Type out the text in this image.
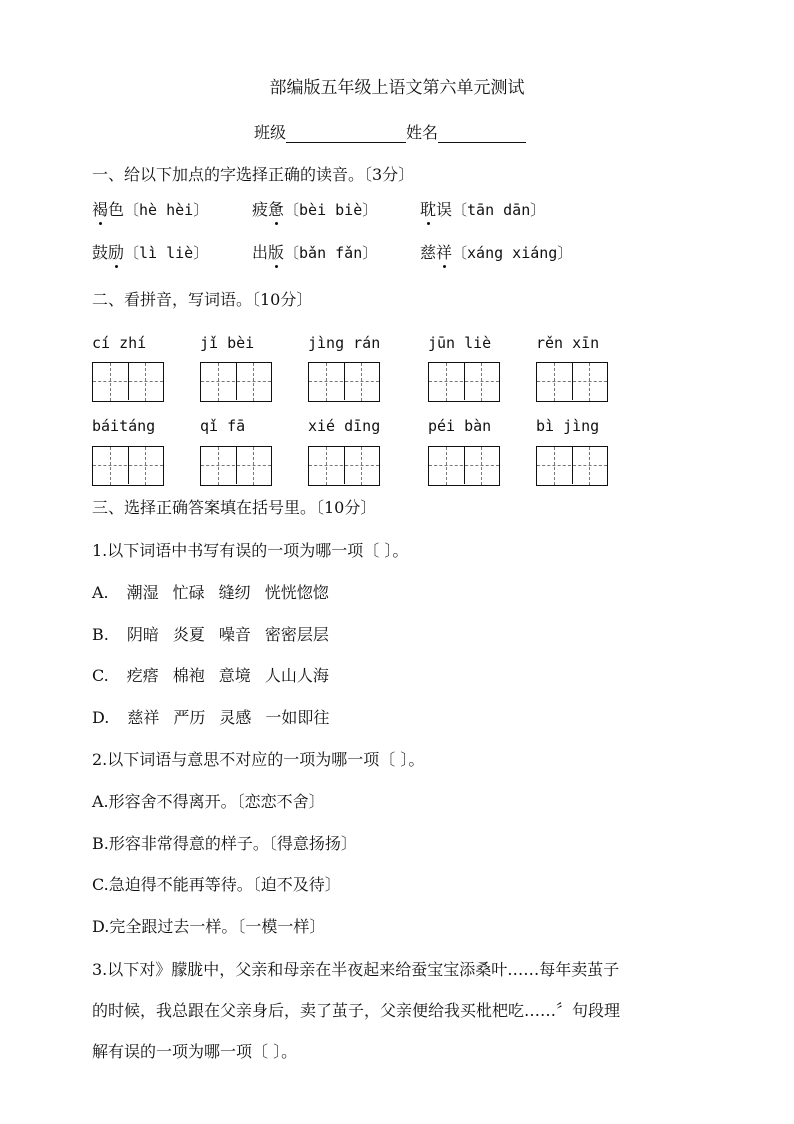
部编版五年级上语文第六单元测试
班级	姓名
一、给以下加点的字选择正确的读音。〔3分〕
褐色〔hè hèi〕	疲惫〔bèi biè〕	耽误〔tān dān〕
鼓励〔lì liè〕	出版〔bǎn fǎn〕	慈祥〔xáng xiáng〕
二、看拼音，写词语。〔10分〕
cí zhí	jǐ bèi	jìng rán	jūn liè	rěn xīn
báitáng	qǐ fā	xié dīng	péi bàn	bì jìng
三、选择正确答案填在括号里。〔10分〕
1.以下词语中书写有误的一项为哪一项〔 〕。
A. 潮湿 忙碌 缝纫 恍恍惚惚
B. 阴暗 炎夏 噪音 密密层层
C. 疙瘩 棉袍 意境 人山人海
D. 慈祥 严历 灵感 一如即往
2.以下词语与意思不对应的一项为哪一项〔 〕。
A.形容舍不得离开。〔恋恋不舍〕
B.形容非常得意的样子。〔得意扬扬〕
C.急迫得不能再等待。〔迫不及待〕
D.完全跟过去一样。〔一模一样〕
3.以下对》朦胧中，父亲和母亲在半夜起来给蚕宝宝添桑叶……每年卖茧子
的时候，我总跟在父亲身后，卖了茧子，父亲便给我买枇杷吃……〞句段理
解有误的一项为哪一项〔 〕。
